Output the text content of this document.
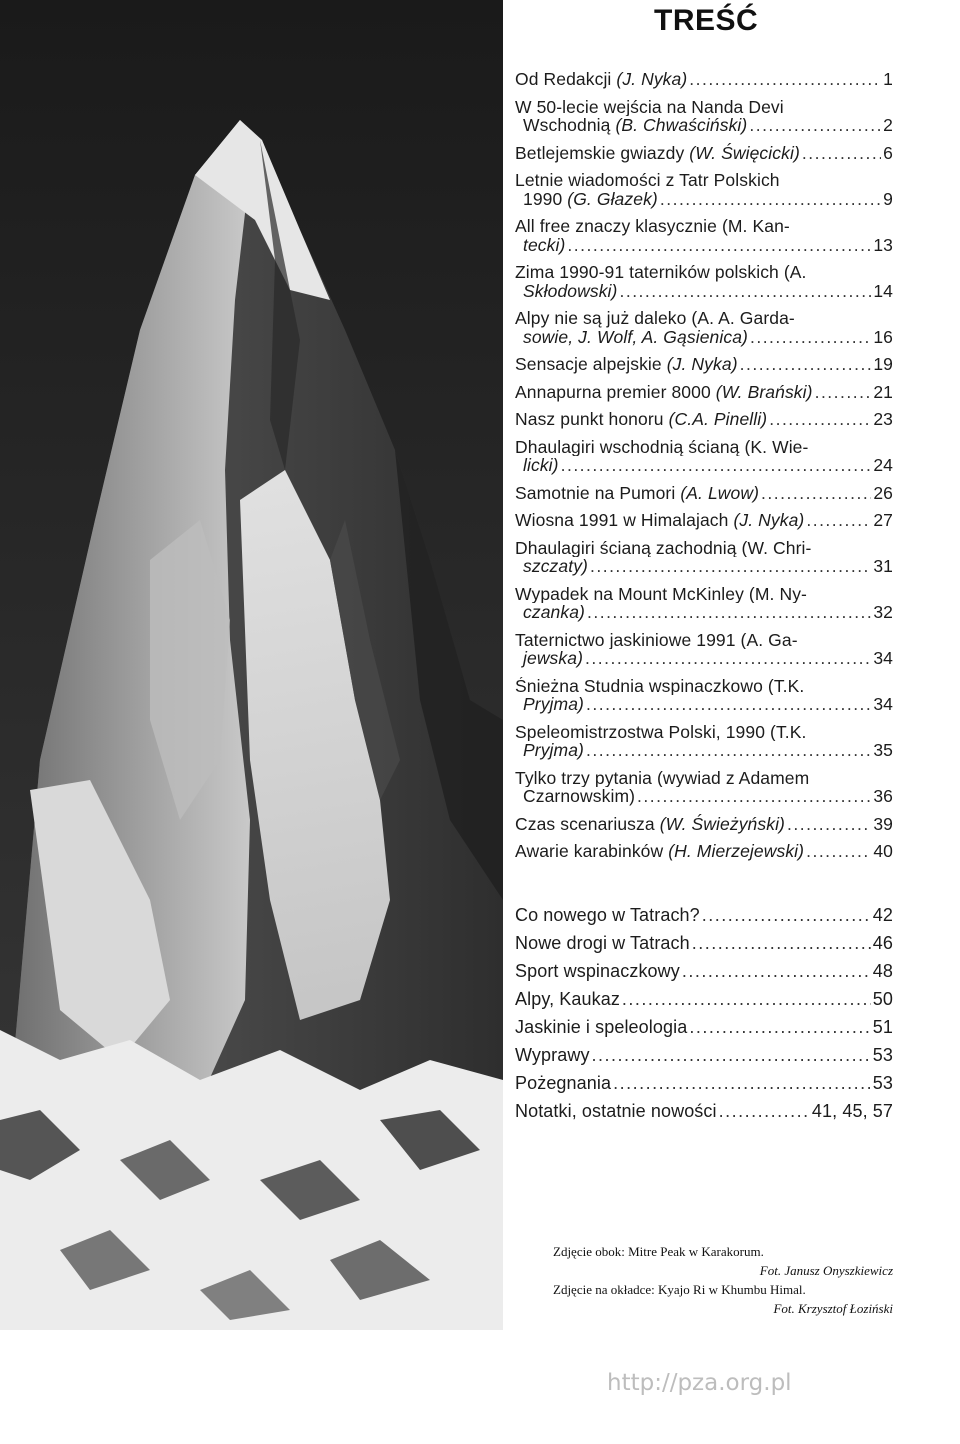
TREŚĆ
Od Redakcji (J. Nyka) .....	1
W 50-lecie wejścia na Nanda Devi
Wschodnią (B. Chwaściński) .....	2
Betlejemskie gwiazdy (W. Święcicki) .....	6
Letnie wiadomości z Tatr Polskich
1990 (G. Głazek) .....	9
All free znaczy klasycznie (M. Kan-
tecki) .....	13
Zima 1990-91 taterników polskich (A.
Skłodowski) .....	14
Alpy nie są już daleko (A. A. Garda-
sowie, J. Wolf, A. Gąsienica) .....	16
Sensacje alpejskie (J. Nyka) .....	19
Annapurna premier 8000 (W. Brański) .....	21
Nasz punkt honoru (C.A. Pinelli) .....	23
Dhaulagiri wschodnią ścianą (K. Wie-
licki) .....	24
Samotnie na Pumori (A. Lwow) .....	26
Wiosna 1991 w Himalajach (J. Nyka) .....	27
Dhaulagiri ścianą zachodnią (W. Chri-
szczaty) .....	31
Wypadek na Mount McKinley (M. Ny-
czanka) .....	32
Taternictwo jaskiniowe 1991 (A. Ga-
jewska) .....	34
Śnieżna Studnia wspinaczkowo (T.K.
Pryjma) .....	34
Speleomistrzostwa Polski, 1990 (T.K.
Pryjma) .....	35
Tylko trzy pytania (wywiad z Adamem
Czarnowskim) .....	36
Czas scenariusza (W. Świeżyński) .....	39
Awarie karabinków (H. Mierzejewski) .....	40
Co nowego w Tatrach? .....	42
Nowe drogi w Tatrach .....	46
Sport wspinaczkowy .....	48
Alpy, Kaukaz .....	50
Jaskinie i speleologia .....	51
Wyprawy .....	53
Pożegnania .....	53
Notatki, ostatnie nowości .....	41, 45, 57
Zdjęcie obok: Mitre Peak w Karakorum.
Fot. Janusz Onyszkiewicz
Zdjęcie na okładce: Kyajo Ri w Khumbu Himal.
Fot. Krzysztof Łoziński
http://pza.org.pl
